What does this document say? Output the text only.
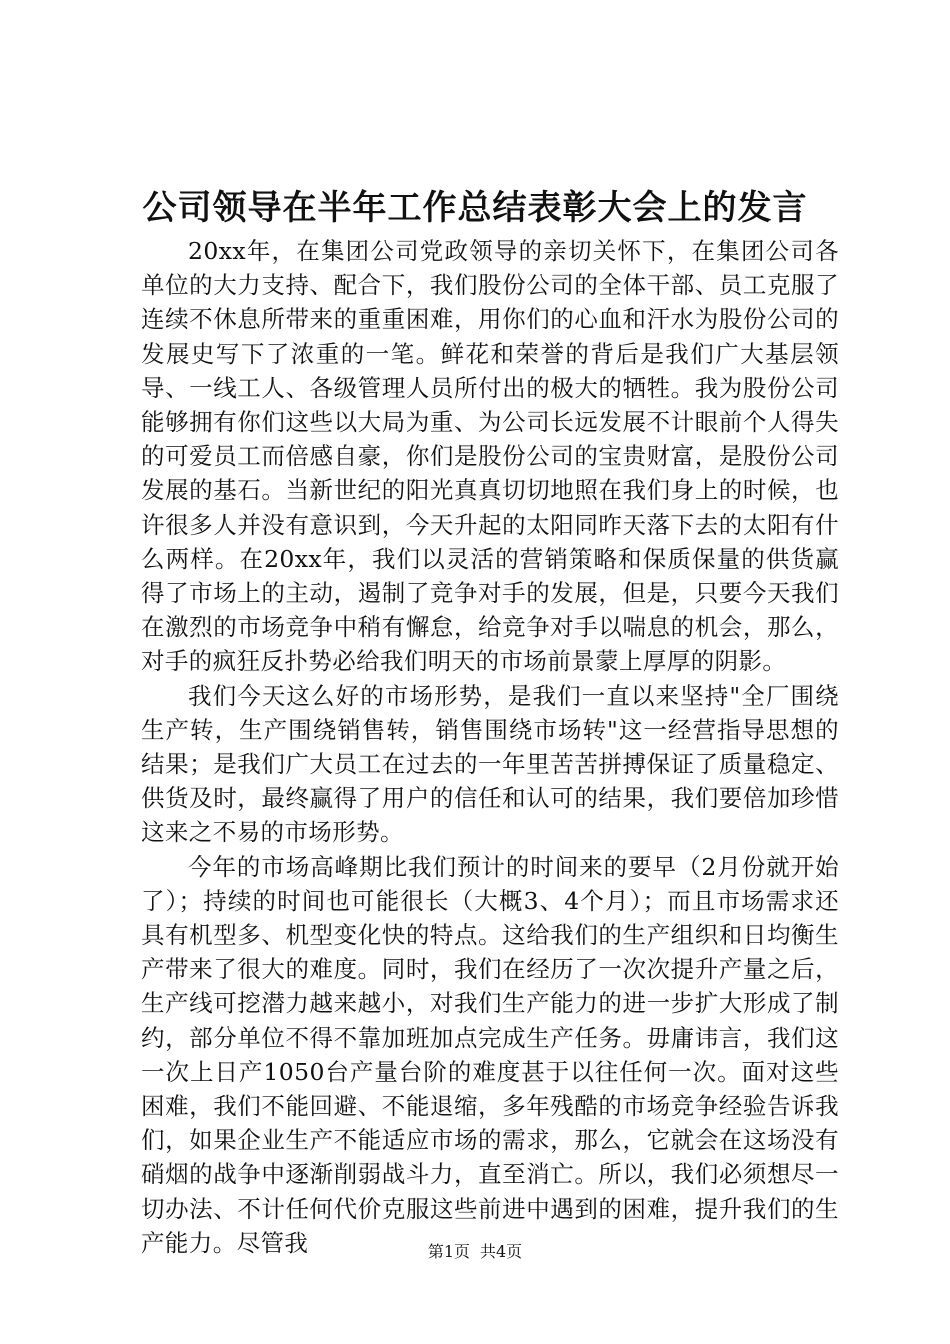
公司领导在半年工作总结表彰大会上的发言

20xx年，在集团公司党政领导的亲切关怀下，在集团公司各单位的大力支持、配合下，我们股份公司的全体干部、员工克服了连续不休息所带来的重重困难，用你们的心血和汗水为股份公司的发展史写下了浓重的一笔。鲜花和荣誉的背后是我们广大基层领导、一线工人、各级管理人员所付出的极大的牺牲。我为股份公司能够拥有你们这些以大局为重、为公司长远发展不计眼前个人得失的可爱员工而倍感自豪，你们是股份公司的宝贵财富，是股份公司发展的基石。当新世纪的阳光真真切切地照在我们身上的时候，也许很多人并没有意识到，今天升起的太阳同昨天落下去的太阳有什么两样。在20xx年，我们以灵活的营销策略和保质保量的供货赢得了市场上的主动，遏制了竞争对手的发展，但是，只要今天我们在激烈的市场竞争中稍有懈怠，给竞争对手以喘息的机会，那么，对手的疯狂反扑势必给我们明天的市场前景蒙上厚厚的阴影。

我们今天这么好的市场形势，是我们一直以来坚持"全厂围绕生产转，生产围绕销售转，销售围绕市场转"这一经营指导思想的结果；是我们广大员工在过去的一年里苦苦拼搏保证了质量稳定、供货及时，最终赢得了用户的信任和认可的结果，我们要倍加珍惜这来之不易的市场形势。

今年的市场高峰期比我们预计的时间来的要早（2月份就开始了）；持续的时间也可能很长（大概3、4个月）；而且市场需求还具有机型多、机型变化快的特点。这给我们的生产组织和日均衡生产带来了很大的难度。同时，我们在经历了一次次提升产量之后，生产线可挖潜力越来越小，对我们生产能力的进一步扩大形成了制约，部分单位不得不靠加班加点完成生产任务。毋庸讳言，我们这一次上日产1050台产量台阶的难度甚于以往任何一次。面对这些困难，我们不能回避、不能退缩，多年残酷的市场竞争经验告诉我们，如果企业生产不能适应市场的需求，那么，它就会在这场没有硝烟的战争中逐渐削弱战斗力，直至消亡。所以，我们必须想尽一切办法、不计任何代价克服这些前进中遇到的困难，提升我们的生产能力。尽管我	第1页 共4页
